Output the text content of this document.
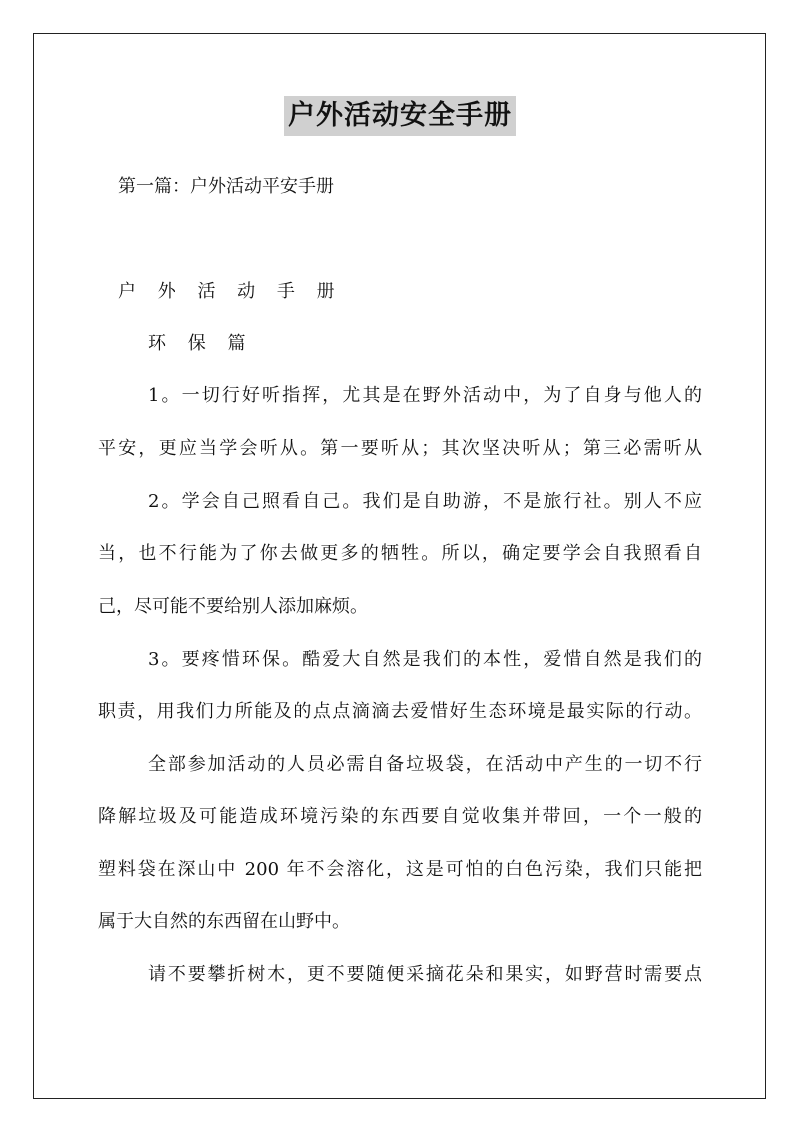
户外活动安全手册
第一篇：户外活动平安手册
户 外 活 动 手 册
环 保 篇
1。一切行好听指挥，尤其是在野外活动中，为了自身与他人的
平安，更应当学会听从。第一要听从；其次坚决听从；第三必需听从
2。学会自己照看自己。我们是自助游，不是旅行社。别人不应
当，也不行能为了你去做更多的牺牲。所以，确定要学会自我照看自
己，尽可能不要给别人添加麻烦。
3。要疼惜环保。酷爱大自然是我们的本性，爱惜自然是我们的
职责，用我们力所能及的点点滴滴去爱惜好生态环境是最实际的行动。
全部参加活动的人员必需自备垃圾袋，在活动中产生的一切不行
降解垃圾及可能造成环境污染的东西要自觉收集并带回，一个一般的
塑料袋在深山中 200 年不会溶化，这是可怕的白色污染，我们只能把
属于大自然的东西留在山野中。
请不要攀折树木，更不要随便采摘花朵和果实，如野营时需要点
